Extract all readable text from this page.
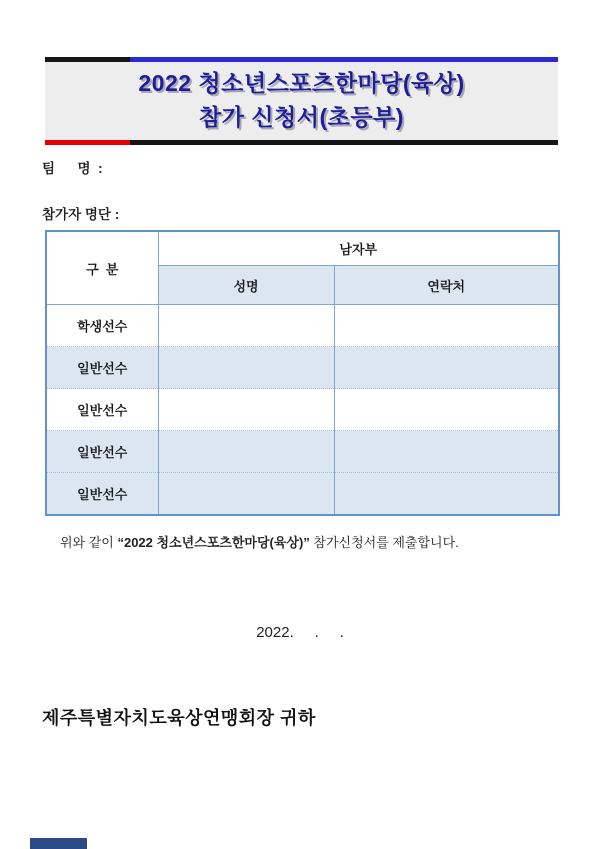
2022 청소년스포츠한마당(육상)
참가 신청서(초등부)
팀      명  :
참가자 명단 :
구  분	남자부	
	성명	연락처
학생선수		
일반선수		
일반선수		
일반선수		
일반선수		
위와 같이 “2022 청소년스포츠한마당(육상)” 참가신청서를 제출합니다.
2022.     .     .
제주특별자치도육상연맹회장 귀하
